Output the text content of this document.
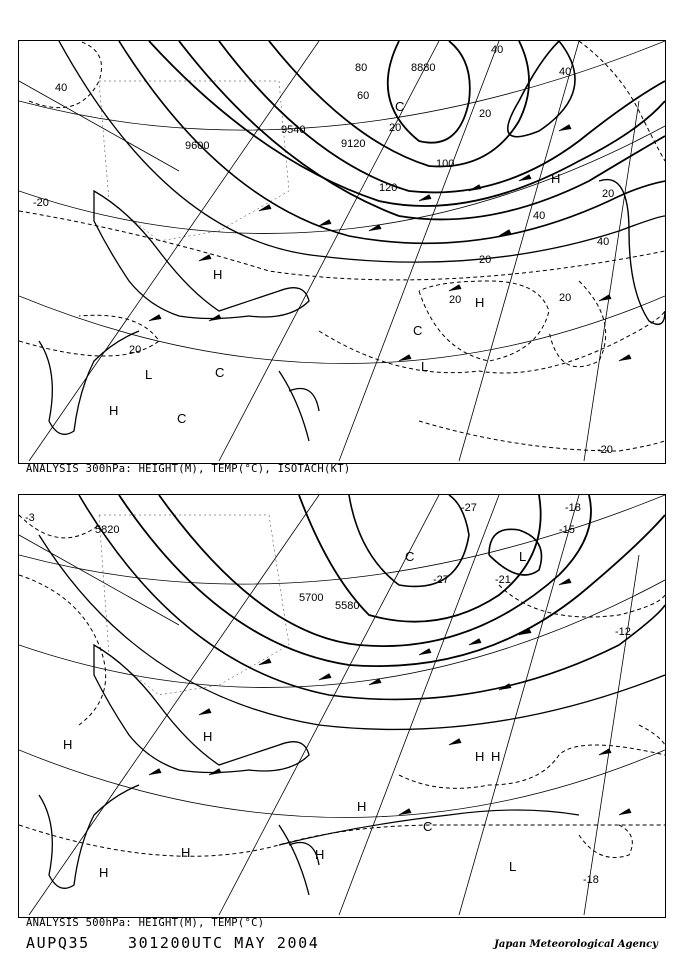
8880
9600
9540
9120
40
60
80
100
120
40
20
40
20
20
20
20
40
-20
-20
20
40
20
H
L	C
C
C
H
H
H
L
C
ANALYSIS 300hPa: HEIGHT(M), TEMP(°C), ISOTACH(KT)
5820
5700
5580
-3
-27
-27
-18
-21
-12
-15
-18
H
L
C
H
H
H
H
H
L
H
H
C
ANALYSIS 500hPa: HEIGHT(M), TEMP(°C)
AUPQ35	301200UTC MAY 2004	Japan Meteorological Agency
